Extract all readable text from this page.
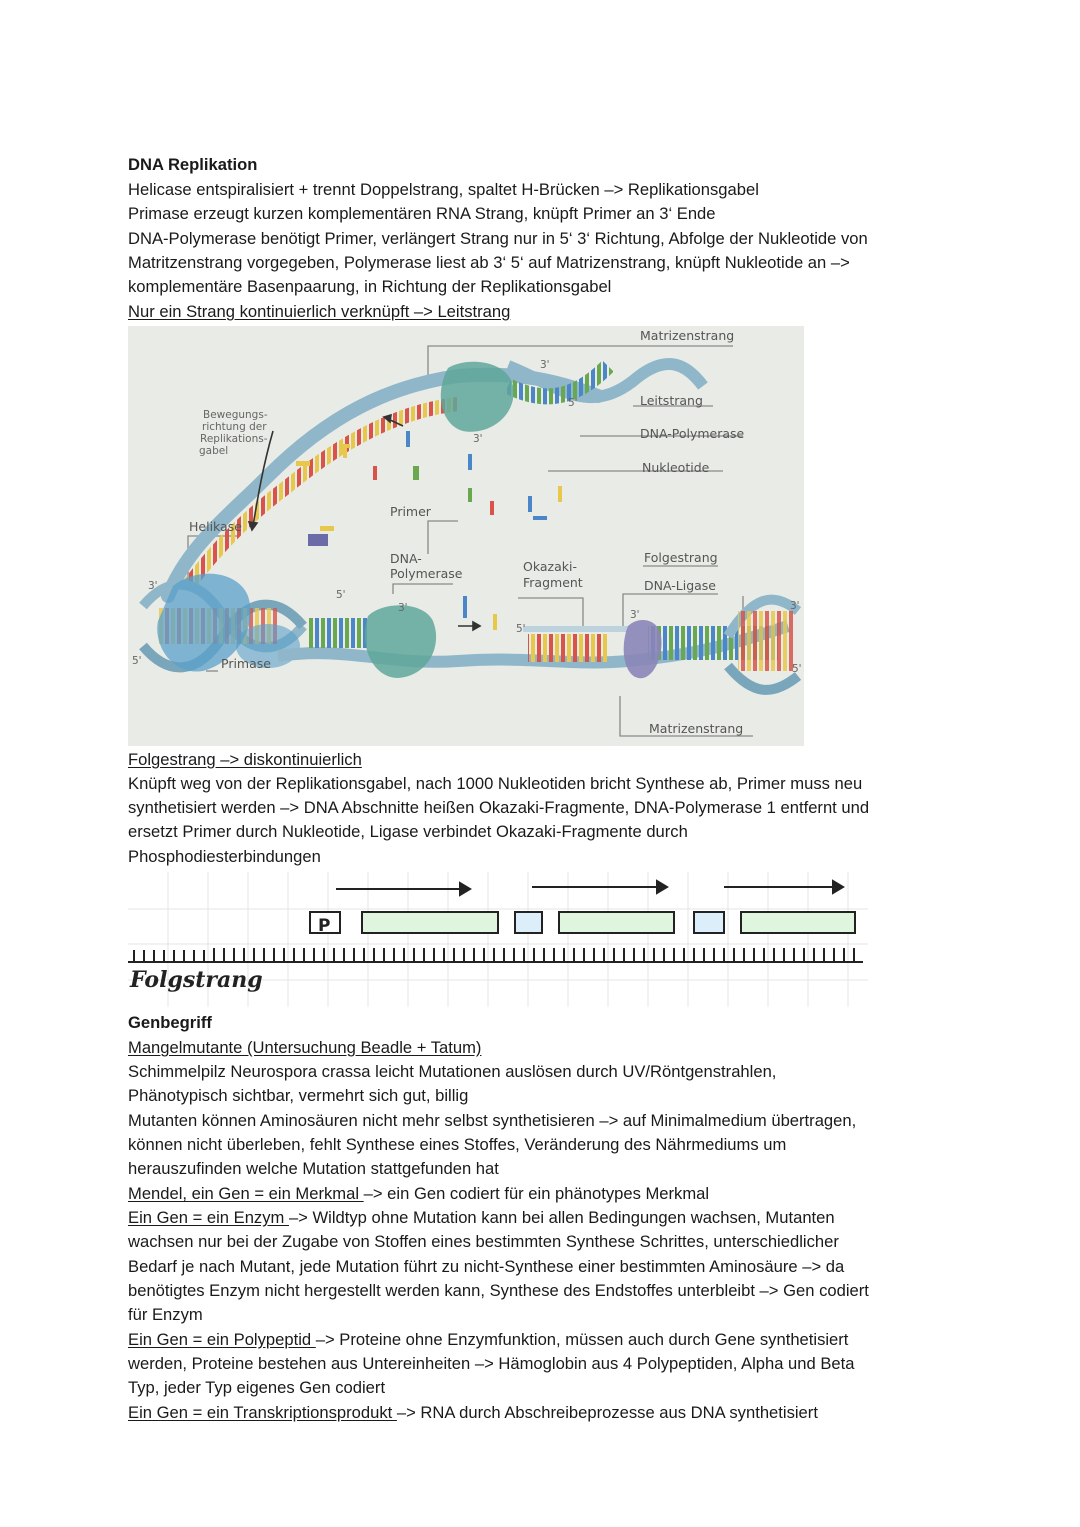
DNA Replikation
Helicase entspiralisiert + trennt Doppelstrang, spaltet H-Brücken –> Replikationsgabel
Primase erzeugt kurzen komplementären RNA Strang, knüpft Primer an 3‘ Ende
DNA-Polymerase benötigt Primer, verlängert Strang nur in 5‘ 3‘ Richtung, Abfolge der Nukleotide von
Matritzenstrang vorgegeben, Polymerase liest ab 3‘ 5‘ auf Matrizenstrang, knüpft Nukleotide an –>
komplementäre Basenpaarung, in Richtung der Replikationsgabel
Nur ein Strang kontinuierlich verknüpft –> Leitstrang
Matrizenstrang
Leitstrang
DNA-Polymerase
Nukleotide
Folgestrang
DNA-Ligase
Matrizenstrang
Bewegungs-
richtung der
Replikations-
gabel
Helikase
Primer
DNA-
Polymerase	Okazaki-
Fragment
Primase
3'
5'
3'
5'
3'
5'
3'
5'
3'
3'
5'
Folgestrang –> diskontinuierlich
Knüpft weg von der Replikationsgabel, nach 1000 Nukleotiden bricht Synthese ab, Primer muss neu
synthetisiert werden –> DNA Abschnitte heißen Okazaki-Fragmente, DNA-Polymerase 1 entfernt und
ersetzt Primer durch Nukleotide, Ligase verbindet Okazaki-Fragmente durch
Phosphodiesterbindungen
P
Folgstrang
Genbegriff
Mangelmutante (Untersuchung Beadle + Tatum)
Schimmelpilz Neurospora crassa leicht Mutationen auslösen durch UV/Röntgenstrahlen,
Phänotypisch sichtbar, vermehrt sich gut, billig
Mutanten können Aminosäuren nicht mehr selbst synthetisieren –> auf Minimalmedium übertragen,
können nicht überleben, fehlt Synthese eines Stoffes, Veränderung des Nährmediums um
herauszufinden welche Mutation stattgefunden hat
Mendel, ein Gen = ein Merkmal –> ein Gen codiert für ein phänotypes Merkmal
Ein Gen = ein Enzym –> Wildtyp ohne Mutation kann bei allen Bedingungen wachsen, Mutanten
wachsen nur bei der Zugabe von Stoffen eines bestimmten Synthese Schrittes, unterschiedlicher
Bedarf je nach Mutant, jede Mutation führt zu nicht-Synthese einer bestimmten Aminosäure –> da
benötigtes Enzym nicht hergestellt werden kann, Synthese des Endstoffes unterbleibt –> Gen codiert
für Enzym
Ein Gen = ein Polypeptid –> Proteine ohne Enzymfunktion, müssen auch durch Gene synthetisiert
werden, Proteine bestehen aus Untereinheiten –> Hämoglobin aus 4 Polypeptiden, Alpha und Beta
Typ, jeder Typ eigenes Gen codiert
Ein Gen = ein Transkriptionsprodukt –> RNA durch Abschreibeprozesse aus DNA synthetisiert
